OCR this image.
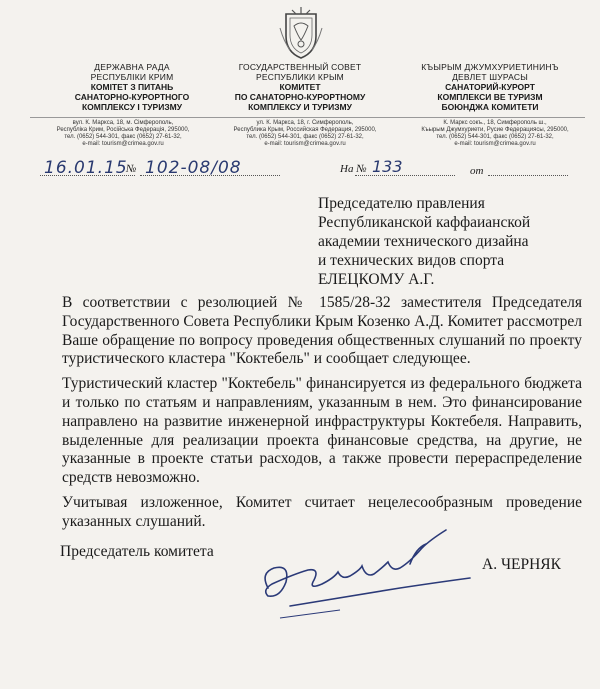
ДЕРЖАВНА РАДА
РЕСПУБЛІКИ КРИМ
КОМІТЕТ З ПИТАНЬ
САНАТОРНО-КУРОРТНОГО
КОМПЛЕКСУ І ТУРИЗМУ
ГОСУДАРСТВЕННЫЙ СОВЕТ
РЕСПУБЛИКИ КРЫМ
КОМИТЕТ
ПО САНАТОРНО-КУРОРТНОМУ
КОМПЛЕКСУ И ТУРИЗМУ
КЪЫРЫМ ДЖУМХУРИЕТИНИНЪ
ДЕВЛЕТ ШУРАСЫ
САНАТОРИЙ-КУРОРТ
КОМПЛЕКСИ ВЕ ТУРИЗМ
БОЮНДЖА КОМИТЕТИ
вул. К. Маркса, 18, м. Сімферополь,
Республіка Крим, Російська Федерація, 295000,
тел. (0652) 544-301, факс (0652) 27-61-32,
e-mail: tourism@crimea.gov.ru
ул. К. Маркса, 18, г. Симферополь,
Республика Крым, Российская Федерация, 295000,
тел. (0652) 544-301, факс (0652) 27-61-32,
e-mail: tourism@crimea.gov.ru
К. Маркс сокъ., 18, Симферополь ш.,
Къырым Джумхуриети, Русие Федерациясы, 295000,
тел. (0652) 544-301, факс (0652) 27-61-32,
e-mail: tourism@crimea.gov.ru
16.01.15
№ 102-08/08	На № 133	от
Председателю правления
Республиканской каффаианской
академии технического дизайна
и технических видов спорта
ЕЛЕЦКОМУ А.Г.

В соответствии с резолюцией № 1585/28-32 заместителя Председателя Государственного Совета Республики Крым Козенко А.Д. Комитет рассмотрел Ваше обращение по вопросу проведения общественных слушаний по проекту туристического кластера "Коктебель" и сообщает следующее.

Туристический кластер "Коктебель" финансируется из федерального бюджета и только по статьям и направлениям, указанным в нем. Это финансирование направлено на развитие инженерной инфраструктуры Коктебеля. Направить, выделенные для реализации проекта финансовые средства, на другие, не указанные в проекте статьи расходов, а также провести перераспределение средств невозможно.

Учитывая изложенное, Комитет считает нецелесообразным проведение указанных слушаний.

Председатель комитета
А. ЧЕРНЯК
